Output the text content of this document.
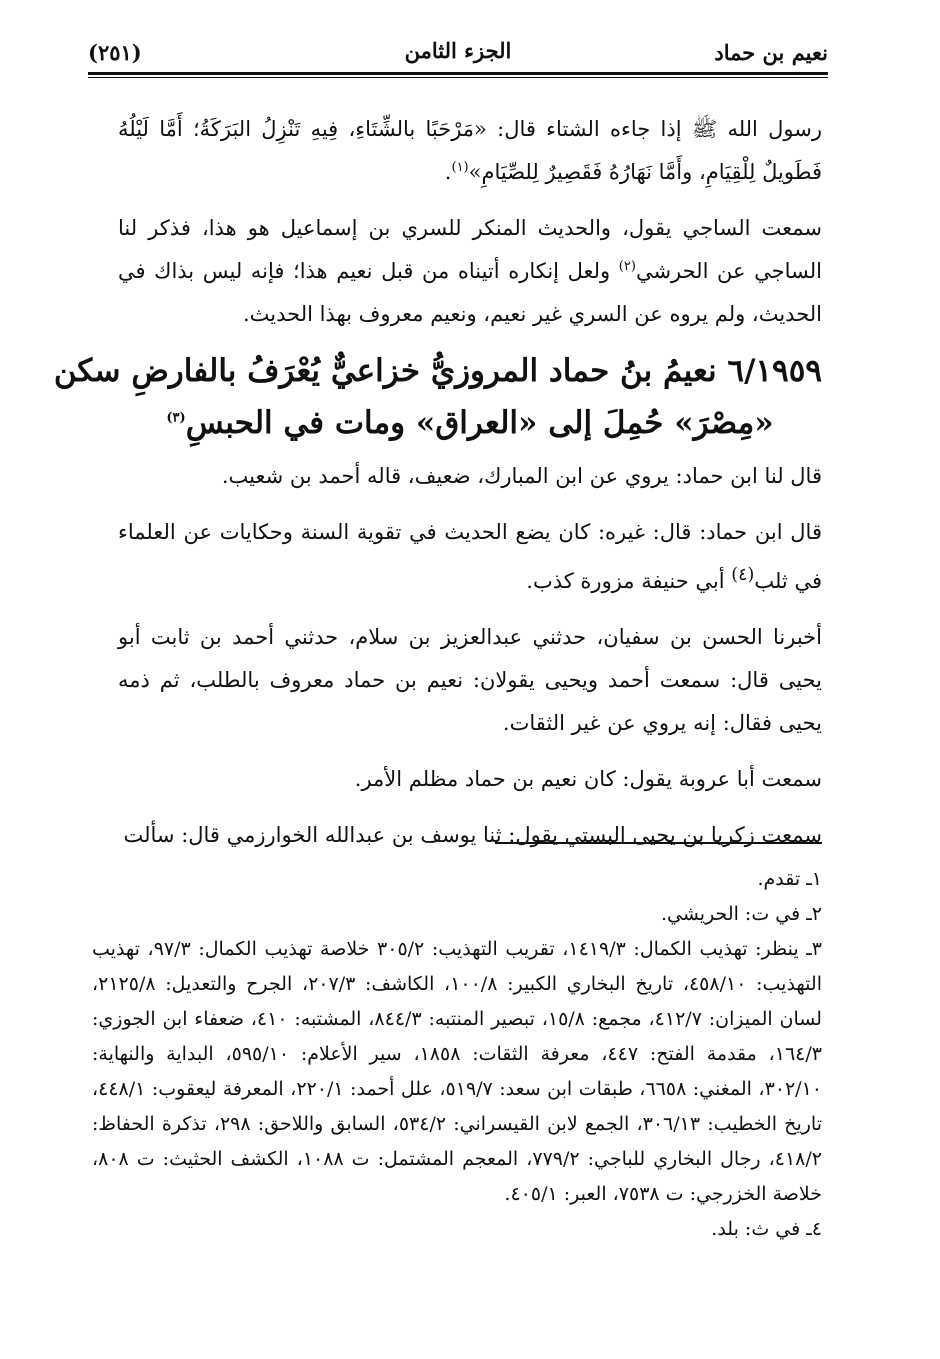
نعيم بن حماد
الجزء الثامن
(٢٥١)

رسول الله ﷺ إذا جاءه الشتاء قال: «مَرْحَبًا بالشِّتَاءِ، فِيهِ تَنْزِلُ البَرَكَةُ؛ أَمَّا لَيْلُهُ فَطَويلٌ لِلْقِيَامِ، وأَمَّا نَهَارُهُ فَقَصِيرٌ لِلصِّيَامِ»$^{(١)}$.

سمعت الساجي يقول، والحديث المنكر للسري بن إسماعيل هو هذا، فذكر لنا الساجي عن الحرشي$^{(٢)}$ ولعل إنكاره أتيناه من قبل نعيم هذا؛ فإنه ليس بذاك في الحديث، ولم يروه عن السري غير نعيم، ونعيم معروف بهذا الحديث.

٦/١٩٥٩ نعيمُ بنُ حماد المروزيُّ خزاعيٌّ يُعْرَفُ بالفارضِ سكن
«مِصْرَ» حُمِلَ إلى «العراق» ومات في الحبسِ$^{(٣)}$

قال لنا ابن حماد: يروي عن ابن المبارك، ضعيف، قاله أحمد بن شعيب.

قال ابن حماد: قال: غيره: كان يضع الحديث في تقوية السنة وحكايات عن العلماء في ثلب$^{(٤)}$ أبي حنيفة مزورة كذب.

أخبرنا الحسن بن سفيان، حدثني عبدالعزيز بن سلام، حدثني أحمد بن ثابت أبو يحيى قال: سمعت أحمد ويحيى يقولان: نعيم بن حماد معروف بالطلب، ثم ذمه يحيى فقال: إنه يروي عن غير الثقات.

سمعت أبا عروبة يقول: كان نعيم بن حماد مظلم الأمر.

سمعت زكريا بن يحيى البستي يقول: ثنا يوسف بن عبدالله الخوارزمي قال: سألت

١ـ تقدم.

٢ـ في ت: الحريشي.

٣ـ ينظر: تهذيب الكمال: ١٤١٩/٣، تقريب التهذيب: ٣٠٥/٢ خلاصة تهذيب الكمال: ٩٧/٣، تهذيب التهذيب: ٤٥٨/١٠، تاريخ البخاري الكبير: ١٠٠/٨، الكاشف: ٢٠٧/٣، الجرح والتعديل: ٢١٢٥/٨، لسان الميزان: ٤١٢/٧، مجمع: ١٥/٨، تبصير المنتبه: ٨٤٤/٣، المشتبه: ٤١٠، ضعفاء ابن الجوزي: ١٦٤/٣، مقدمة الفتح: ٤٤٧، معرفة الثقات: ١٨٥٨، سير الأعلام: ٥٩٥/١٠، البداية والنهاية: ٣٠٢/١٠، المغني: ٦٦٥٨، طبقات ابن سعد: ٥١٩/٧، علل أحمد: ٢٢٠/١، المعرفة ليعقوب: ٤٤٨/١، تاريخ الخطيب: ٣٠٦/١٣، الجمع لابن القيسراني: ٥٣٤/٢، السابق واللاحق: ٢٩٨، تذكرة الحفاظ: ٤١٨/٢، رجال البخاري للباجي: ٧٧٩/٢، المعجم المشتمل: ت ١٠٨٨، الكشف الحثيث: ت ٨٠٨، خلاصة الخزرجي: ت ٧٥٣٨، العبر: ٤٠٥/١.

٤ـ في ث: بلد.
